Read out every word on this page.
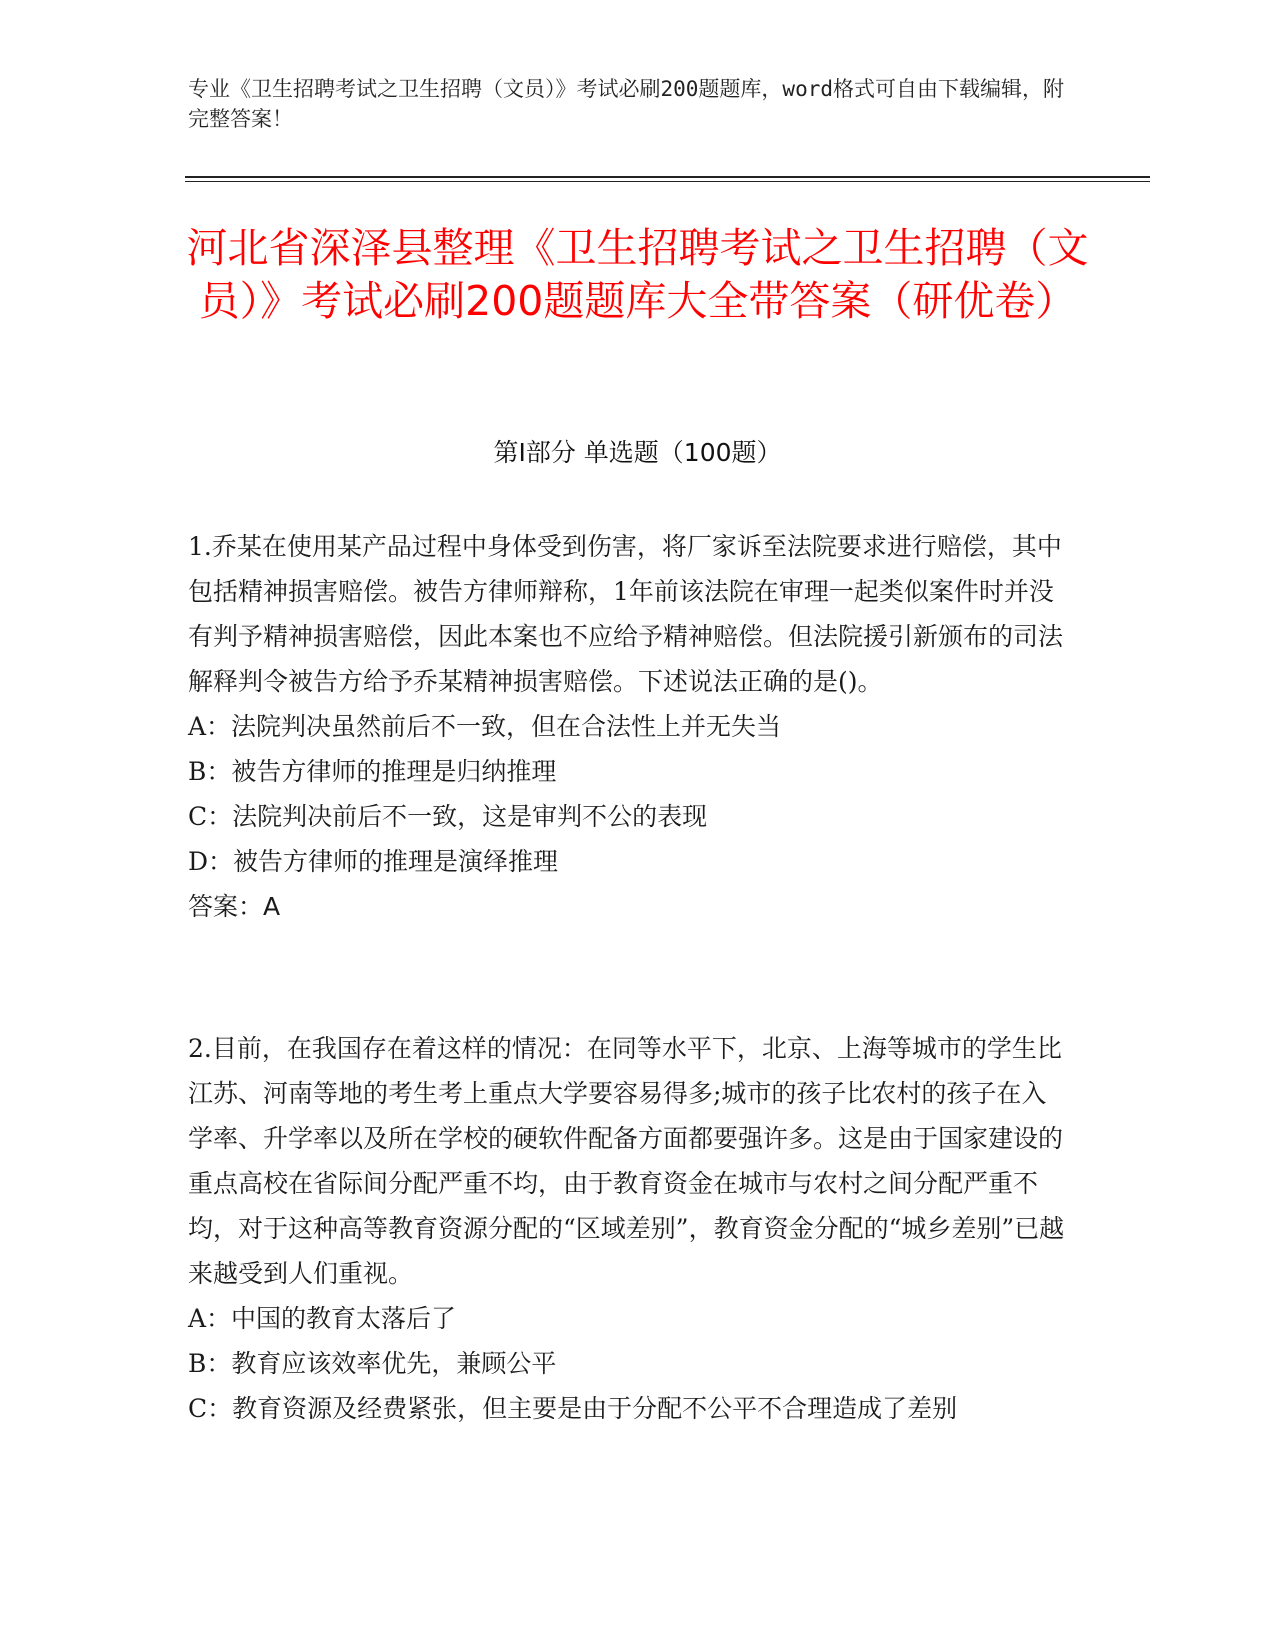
专业《卫生招聘考试之卫生招聘（文员）》考试必刷200题题库，word格式可自由下载编辑，附完整答案！
河北省深泽县整理《卫生招聘考试之卫生招聘（文员）》考试必刷200题题库大全带答案（研优卷）
第Ⅰ部分 单选题（100题）

1.乔某在使用某产品过程中身体受到伤害，将厂家诉至法院要求进行赔偿，其中包括精神损害赔偿。被告方律师辩称，1年前该法院在审理一起类似案件时并没有判予精神损害赔偿，因此本案也不应给予精神赔偿。但法院援引新颁布的司法解释判令被告方给予乔某精神损害赔偿。下述说法正确的是()。

A：法院判决虽然前后不一致，但在合法性上并无失当

B：被告方律师的推理是归纳推理

C：法院判决前后不一致，这是审判不公的表现

D：被告方律师的推理是演绎推理

答案：A

2.目前，在我国存在着这样的情况：在同等水平下，北京、上海等城市的学生比江苏、河南等地的考生考上重点大学要容易得多;城市的孩子比农村的孩子在入学率、升学率以及所在学校的硬软件配备方面都要强许多。这是由于国家建设的重点高校在省际间分配严重不均，由于教育资金在城市与农村之间分配严重不均，对于这种高等教育资源分配的“区域差别”，教育资金分配的“城乡差别”已越来越受到人们重视。

A：中国的教育太落后了

B：教育应该效率优先，兼顾公平

C：教育资源及经费紧张，但主要是由于分配不公平不合理造成了差别
